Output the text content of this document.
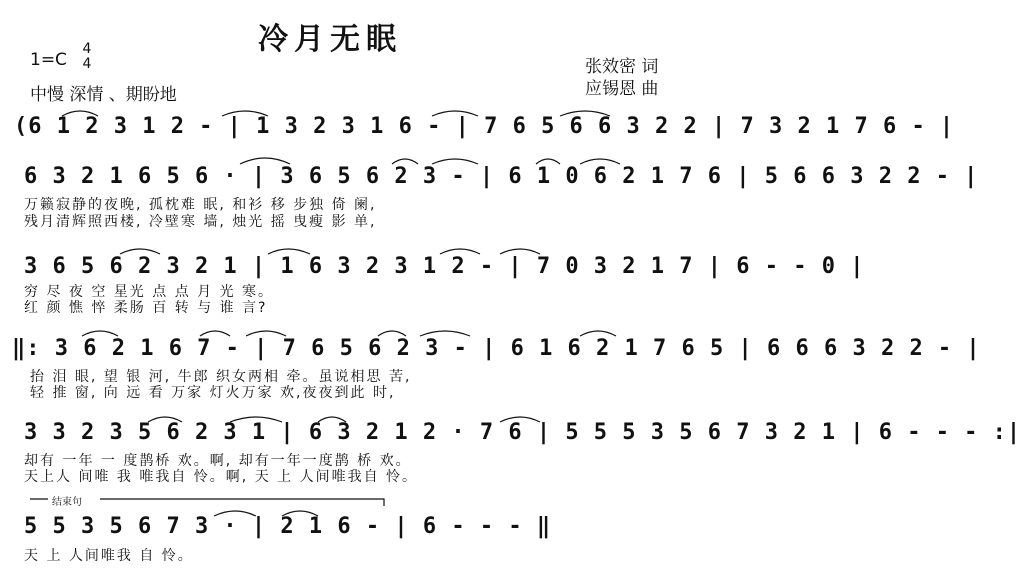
冷月无眠
1=C
4
4
中慢 深情 、期盼地
张效密 词
应锡恩 曲
(6 1 2 3 1 2 - | 1 3 2 3 1 6 - | 7 6 5 6 6 3 2 2 | 7 3 2 1 7 6 - |
6 3 2 1 6 5 6 · | 3 6 5 6 2 3 - | 6 1 0 6 2 1 7 6 | 5 6 6 3 2 2 - |
万籁寂静的夜晚, 孤枕难 眠, 和衫 移 步独 倚 阑,
残月清辉照西楼, 冷壁寒 墙, 烛光 摇 曳瘦 影 单,
3 6 5 6 2 3 2 1 | 1 6 3 2 3 1 2 - | 7 0 3 2 1 7 | 6 - - 0 |
穷 尽 夜 空 星光 点 点 月 光 寒。
红 颜 憔 悴 柔肠 百 转 与 谁 言?
‖: 3 6 2 1 6 7 - | 7 6 5 6 2 3 - | 6 1 6 2 1 7 6 5 | 6 6 6 3 2 2 - |
抬 泪 眼, 望 银 河, 牛郎 织女两相 牵。虽说相思 苦,
轻 推 窗, 向 远 看 万家 灯火万家 欢,夜夜到此 时,
3 3 2 3 5 6 2 3 1 | 6 3 2 1 2 · 7 6 | 5 5 5 3 5 6 7 3 2 1 | 6 - - - :|
却有 一年 一 度鹊桥 欢。啊, 却有一年一度鹊 桥 欢。
天上人 间唯 我 唯我自 怜。啊, 天 上 人间唯我自 怜。
结束句
5 5 3 5 6 7 3 · | 2 1 6 - | 6 - - - ‖
天 上 人间唯我 自 怜。
